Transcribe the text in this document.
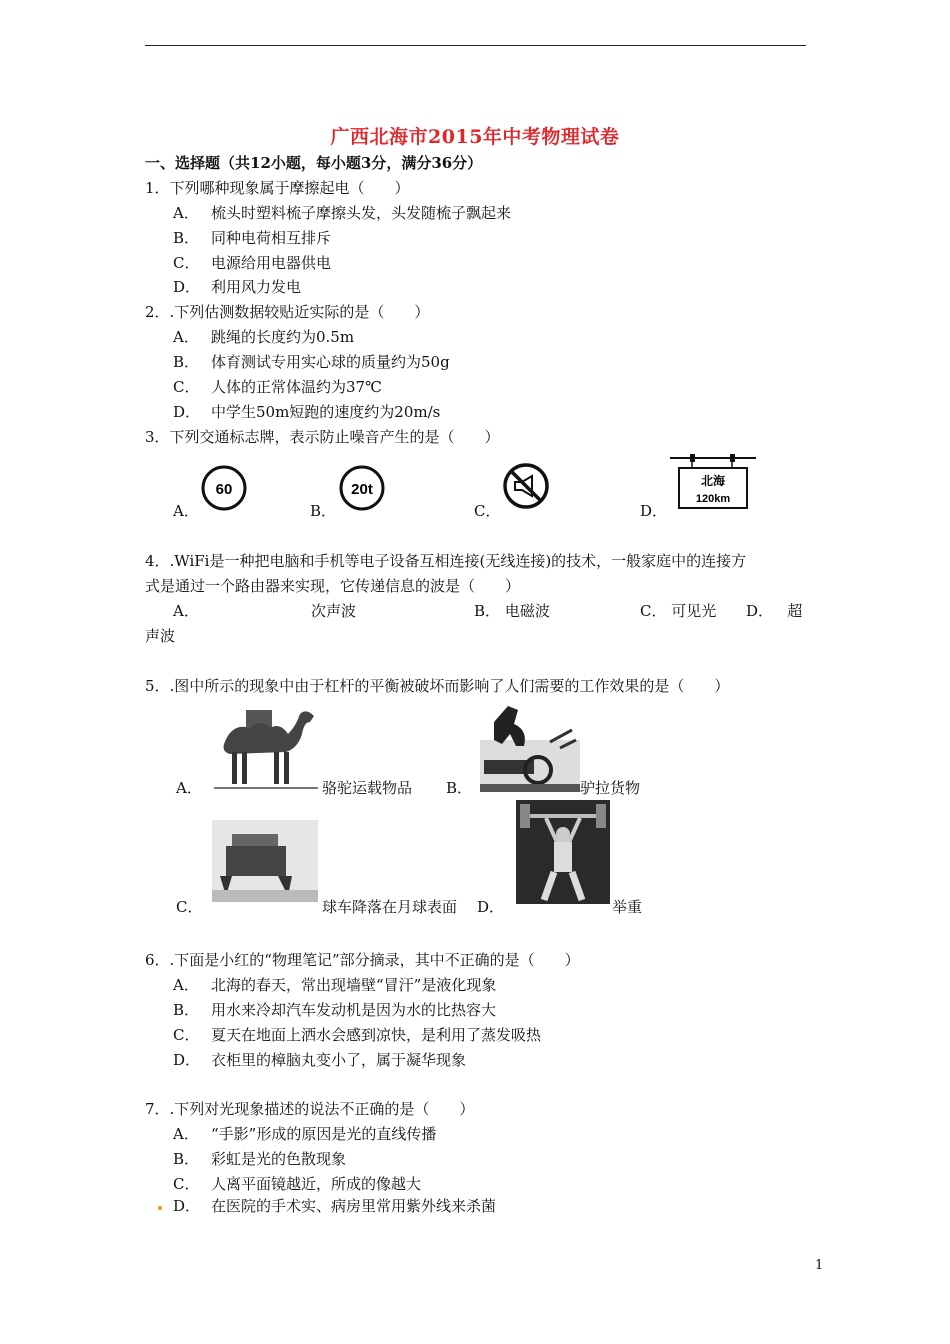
广西北海市2015年中考物理试卷
一、选择题（共12小题，每小题3分，满分36分）
1．下列哪种现象属于摩擦起电（　　）
A． 梳头时塑料梳子摩擦头发，头发随梳子飘起来
B． 同种电荷相互排斥
C． 电源给用电器供电
D． 利用风力发电
2．.下列估测数据较贴近实际的是（　　）
A． 跳绳的长度约为0.5m
B． 体育测试专用实心球的质量约为50g
C． 人体的正常体温约为37℃
D． 中学生50m短跑的速度约为20m/s
3．下列交通标志牌，表示防止噪音产生的是（　　）
A．
60
B．
20t
C．	D．
北海
120km
4．.WiFi是一种把电脑和手机等电子设备互相连接(无线连接)的技术，一般家庭中的连接方
式是通过一个路由器来实现，它传递信息的波是（　　）
A．	次声波	B． 电磁波	C． 可见光 D． 超
声波
5．.图中所示的现象中由于杠杆的平衡被破坏而影响了人们需要的工作效果的是（　　）
A．	骆驼运载物品 B．	驴拉货物
C．	球车降落在月球表面 D．	举重
6．.下面是小红的“物理笔记”部分摘录，其中不正确的是（　　）
A． 北海的春天，常出现墙壁“冒汗”是液化现象
B． 用水来冷却汽车发动机是因为水的比热容大
C． 夏天在地面上洒水会感到凉快，是利用了蒸发吸热
D． 衣柜里的樟脑丸变小了，属于凝华现象
7．.下列对光现象描述的说法不正确的是（　　）
A． “手影”形成的原因是光的直线传播
B． 彩虹是光的色散现象
C． 人离平面镜越近，所成的像越大
D． 在医院的手术实、病房里常用紫外线来杀菌
1
